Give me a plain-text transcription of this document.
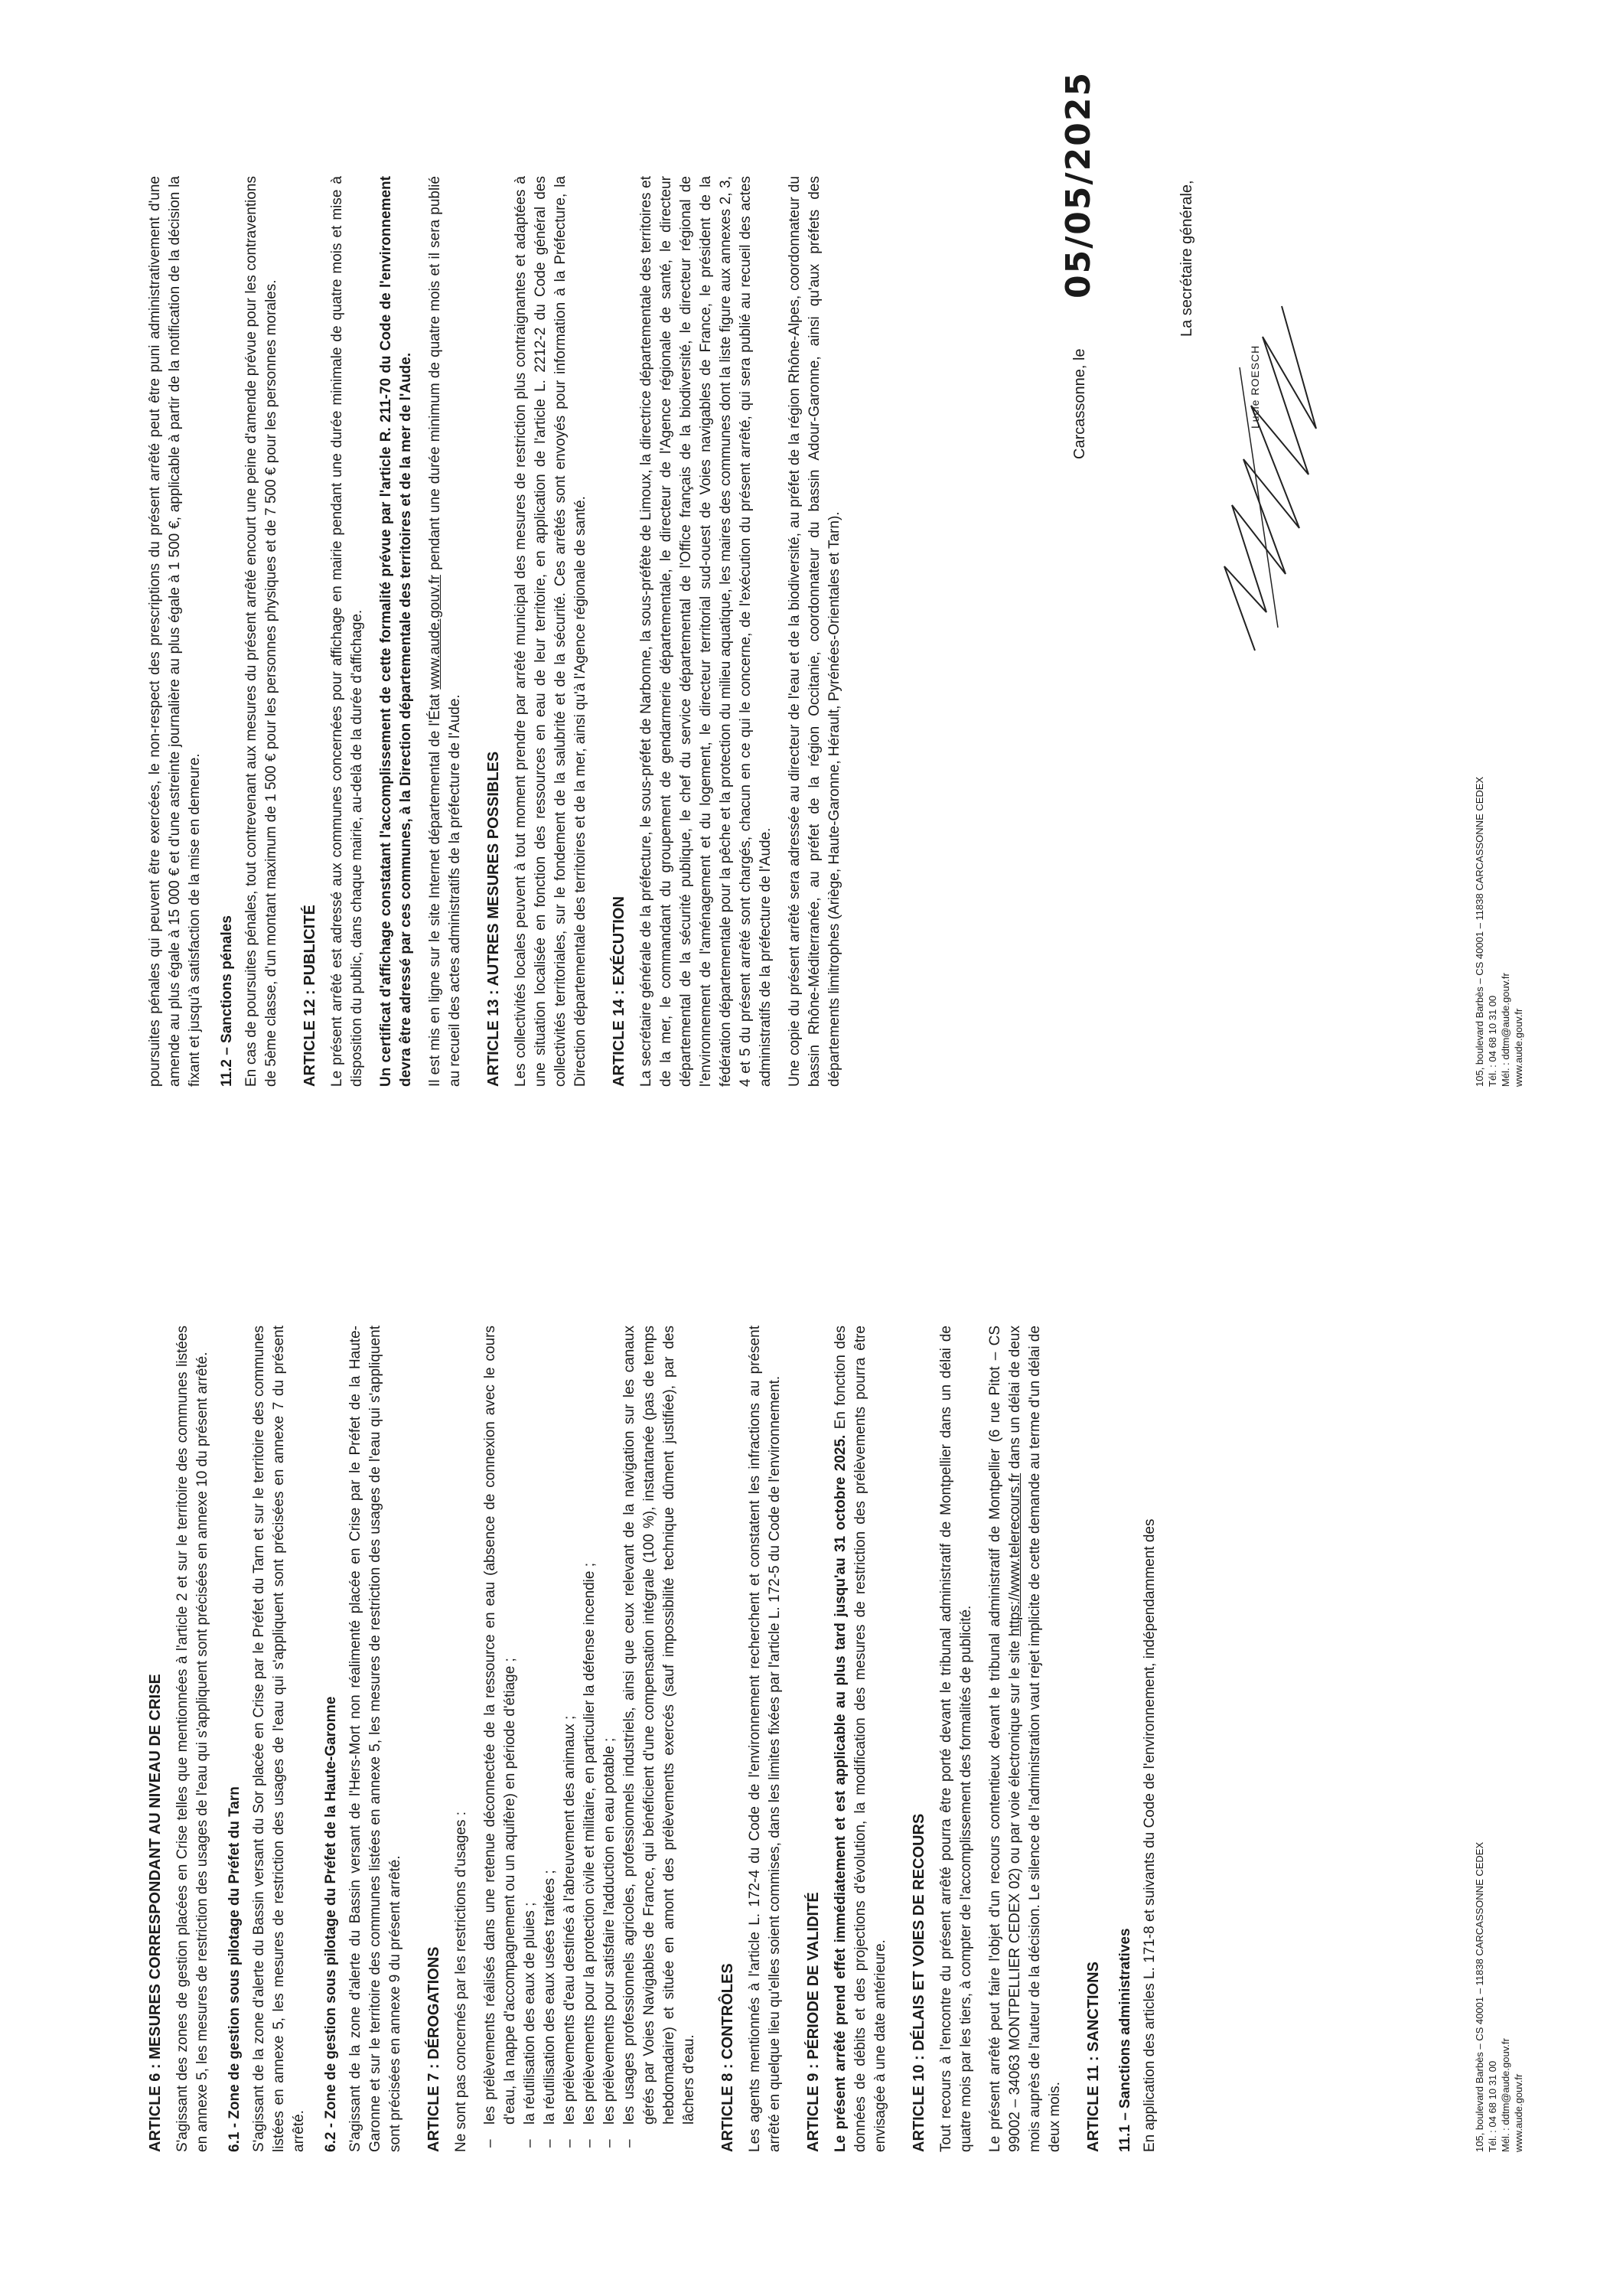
ARTICLE 6 : MESURES CORRESPONDANT AU NIVEAU DE CRISE S'agissant des zones de gestion placées en Crise telles que mentionnées à l'article 2 et sur le territoire des communes listées en annexe 5, les mesures de restriction des usages de l'eau qui s'appliquent sont précisées en annexe 10 du présent arrêté. 6.1 - Zone de gestion sous pilotage du Préfet du Tarn S'agissant de la zone d'alerte du Bassin versant du Sor placée en Crise par le Préfet du Tarn et sur le territoire des communes listées en annexe 5, les mesures de restriction des usages de l'eau qui s'appliquent sont précisées en annexe 7 du présent arrêté. 6.2 - Zone de gestion sous pilotage du Préfet de la Haute-Garonne S'agissant de la zone d'alerte du Bassin versant de l'Hers-Mort non réalimenté placée en Crise par le Préfet de la Haute-Garonne et sur le territoire des communes listées en annexe 5, les mesures de restriction des usages de l'eau qui s'appliquent sont précisées en annexe 9 du présent arrêté. ARTICLE 7 : DÉROGATIONS Ne sont pas concernés par les restrictions d'usages : – les prélèvements réalisés dans une retenue déconnectée de la ressource en eau (absence de connexion avec le cours d'eau, la nappe d'accompagnement ou un aquifère) en période d'étiage ; – la réutilisation des eaux de pluies ; – la réutilisation des eaux usées traitées ; – les prélèvements d'eau destinés à l'abreuvement des animaux ; – les prélèvements pour la protection civile et militaire, en particulier la défense incendie ; – les prélèvements pour satisfaire l'adduction en eau potable ; – les usages professionnels agricoles, professionnels industriels, ainsi que ceux relevant de la navigation sur les canaux gérés par Voies Navigables de France, qui bénéficient d'une compensation intégrale (100 %), instantanée (pas de temps hebdomadaire) et située en amont des prélèvements exercés (sauf impossibilité technique dûment justifiée), par des lâchers d'eau. ARTICLE 8 : CONTRÔLES Les agents mentionnés à l'article L. 172-4 du Code de l'environnement recherchent et constatent les infractions au présent arrêté en quelque lieu qu'elles soient commises, dans les limites fixées par l'article L. 172-5 du Code de l'environnement. ARTICLE 9 : PÉRIODE DE VALIDITÉ Le présent arrêté prend effet immédiatement et est applicable au plus tard jusqu'au 31 octobre 2025. En fonction des données de débits et des projections d'évolution, la modification des mesures de restriction des prélèvements pourra être envisagée à une date antérieure. ARTICLE 10 : DÉLAIS ET VOIES DE RECOURS Tout recours à l'encontre du présent arrêté pourra être porté devant le tribunal administratif de Montpellier dans un délai de quatre mois par les tiers, à compter de l'accomplissement des formalités de publicité. Le présent arrêté peut faire l'objet d'un recours contentieux devant le tribunal administratif de Montpellier (6 rue Pitot – CS 99002 – 34063 MONTPELLIER CEDEX 02) ou par voie électronique sur le site https://www.telerecours.fr dans un délai de deux mois auprès de l'auteur de la décision. Le silence de l'administration vaut rejet implicite de cette demande au terme d'un délai de deux mois. ARTICLE 11 : SANCTIONS 11.1 – Sanctions administratives En application des articles L. 171-8 et suivants du Code de l'environnement, indépendamment des	105, boulevard Barbès – CS 40001 – 11838 CARCASSONNE CEDEX Tél. : 04 68 10 31 00 Mél. : ddtm@aude.gouv.fr www.aude.gouv.fr

poursuites pénales qui peuvent être exercées, le non-respect des prescriptions du présent arrêté peut être puni administrativement d'une amende au plus égale à 15 000 € et d'une astreinte journalière au plus égale à 1 500 €, applicable à partir de la notification de la décision la fixant et jusqu'à satisfaction de la mise en demeure. 11.2 – Sanctions pénales En cas de poursuites pénales, tout contrevenant aux mesures du présent arrêté encourt une peine d'amende prévue pour les contraventions de 5ème classe, d'un montant maximum de 1 500 € pour les personnes physiques et de 7 500 € pour les personnes morales. ARTICLE 12 : PUBLICITÉ Le présent arrêté est adressé aux communes concernées pour affichage en mairie pendant une durée minimale de quatre mois et mise à disposition du public, dans chaque mairie, au-delà de la durée d'affichage. Un certificat d'affichage constatant l'accomplissement de cette formalité prévue par l'article R. 211-70 du Code de l'environnement devra être adressé par ces communes, à la Direction départementale des territoires et de la mer de l'Aude. Il est mis en ligne sur le site Internet départemental de l'État www.aude.gouv.fr pendant une durée minimum de quatre mois et il sera publié au recueil des actes administratifs de la préfecture de l'Aude. ARTICLE 13 : AUTRES MESURES POSSIBLES Les collectivités locales peuvent à tout moment prendre par arrêté municipal des mesures de restriction plus contraignantes et adaptées à une situation localisée en fonction des ressources en eau de leur territoire, en application de l'article L. 2212-2 du Code général des collectivités territoriales, sur le fondement de la salubrité et de la sécurité. Ces arrêtés sont envoyés pour information à la Préfecture, la Direction départementale des territoires et de la mer, ainsi qu'à l'Agence régionale de santé. ARTICLE 14 : EXÉCUTION La secrétaire générale de la préfecture, le sous-préfet de Narbonne, la sous-préfète de Limoux, la directrice départementale des territoires et de la mer, le commandant du groupement de gendarmerie départementale, le directeur de l'Agence régionale de santé, le directeur départemental de la sécurité publique, le chef du service départemental de l'Office français de la biodiversité, le directeur régional de l'environnement de l'aménagement et du logement, le directeur territorial sud-ouest de Voies navigables de France, le président de la fédération départementale pour la pêche et la protection du milieu aquatique, les maires des communes dont la liste figure aux annexes 2, 3, 4 et 5 du présent arrêté sont chargés, chacun en ce qui le concerne, de l'exécution du présent arrêté, qui sera publié au recueil des actes administratifs de la préfecture de l'Aude. Une copie du présent arrêté sera adressée au directeur de l'eau et de la biodiversité, au préfet de la région Rhône-Alpes, coordonnateur du bassin Rhône-Méditerranée, au préfet de la région Occitanie, coordonnateur du bassin Adour-Garonne, ainsi qu'aux préfets des départements limitrophes (Ariège, Haute-Garonne, Hérault, Pyrénées-Orientales et Tarn).

Carcassonne, le
05/05/2025	La secrétaire générale,
Lucie ROESCH
105, boulevard Barbès – CS 40001 – 11838 CARCASSONNE CEDEX Tél. : 04 68 10 31 00 Mél. : ddtm@aude.gouv.fr www.aude.gouv.fr
